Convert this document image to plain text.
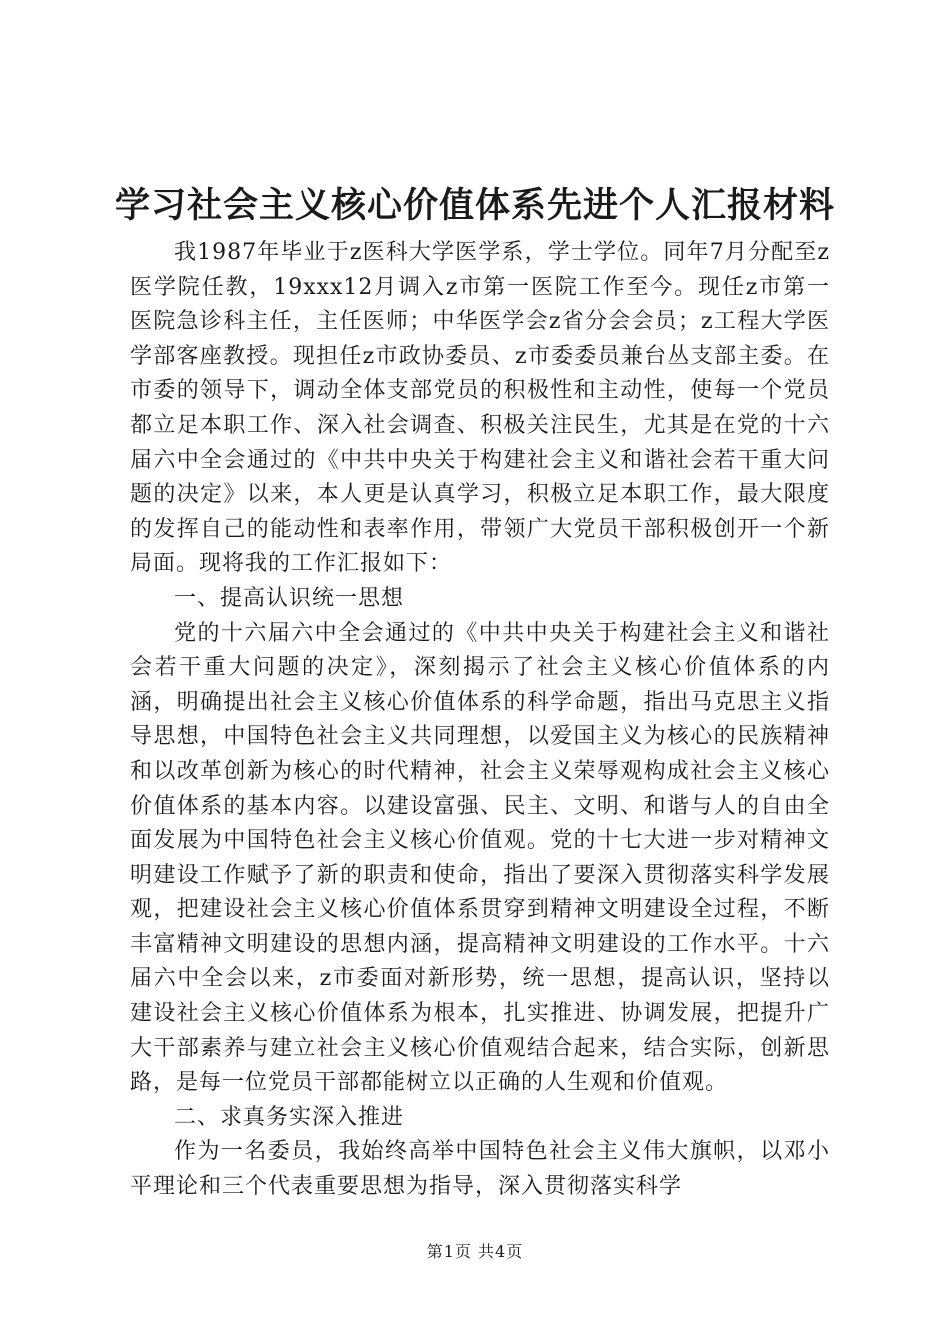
学习社会主义核心价值体系先进个人汇报材料

我1987年毕业于z医科大学医学系，学士学位。同年7月分配至z医学院任教，19xxx12月调入z市第一医院工作至今。现任z市第一医院急诊科主任，主任医师；中华医学会z省分会会员；z工程大学医学部客座教授。现担任z市政协委员、z市委委员兼台丛支部主委。在市委的领导下，调动全体支部党员的积极性和主动性，使每一个党员都立足本职工作、深入社会调查、积极关注民生，尤其是在党的十六届六中全会通过的《中共中央关于构建社会主义和谐社会若干重大问题的决定》以来，本人更是认真学习，积极立足本职工作，最大限度的发挥自己的能动性和表率作用，带领广大党员干部积极创开一个新局面。现将我的工作汇报如下：

一、提高认识统一思想

党的十六届六中全会通过的《中共中央关于构建社会主义和谐社会若干重大问题的决定》，深刻揭示了社会主义核心价值体系的内涵，明确提出社会主义核心价值体系的科学命题，指出马克思主义指导思想，中国特色社会主义共同理想，以爱国主义为核心的民族精神和以改革创新为核心的时代精神，社会主义荣辱观构成社会主义核心价值体系的基本内容。以建设富强、民主、文明、和谐与人的自由全面发展为中国特色社会主义核心价值观。党的十七大进一步对精神文明建设工作赋予了新的职责和使命，指出了要深入贯彻落实科学发展观，把建设社会主义核心价值体系贯穿到精神文明建设全过程，不断丰富精神文明建设的思想内涵，提高精神文明建设的工作水平。十六届六中全会以来，z市委面对新形势，统一思想，提高认识，坚持以建设社会主义核心价值体系为根本，扎实推进、协调发展，把提升广大干部素养与建立社会主义核心价值观结合起来，结合实际，创新思路，是每一位党员干部都能树立以正确的人生观和价值观。

二、求真务实深入推进

作为一名委员，我始终高举中国特色社会主义伟大旗帜，以邓小平理论和三个代表重要思想为指导，深入贯彻落实科学

第1页 共4页
